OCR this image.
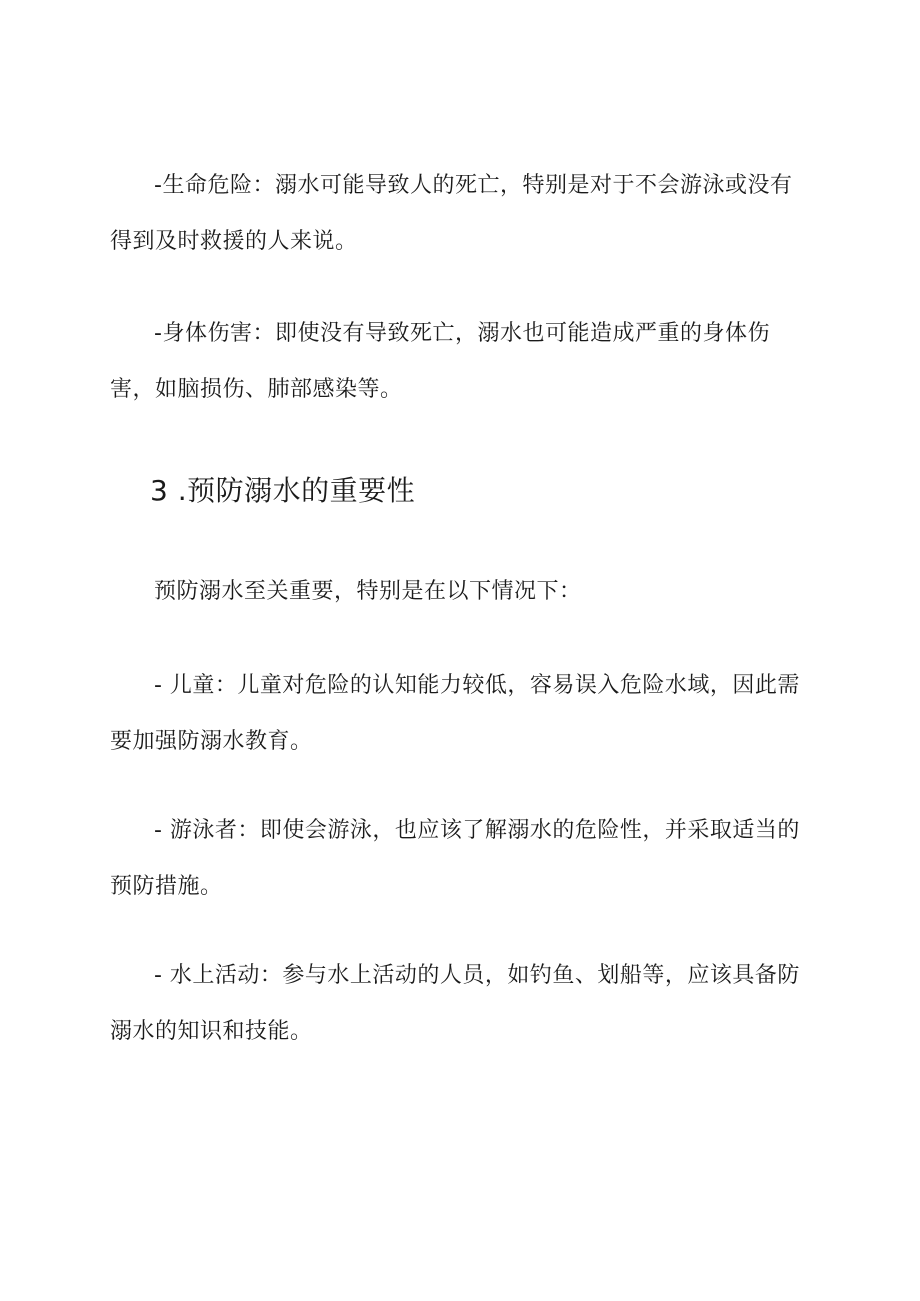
-生命危险：溺水可能导致人的死亡，特别是对于不会游泳或没有得到及时救援的人来说。

-身体伤害：即使没有导致死亡，溺水也可能造成严重的身体伤害，如脑损伤、肺部感染等。

3 .预防溺水的重要性

预防溺水至关重要，特别是在以下情况下：

- 儿童：儿童对危险的认知能力较低，容易误入危险水域，因此需要加强防溺水教育。

- 游泳者：即使会游泳，也应该了解溺水的危险性，并采取适当的预防措施。

- 水上活动：参与水上活动的人员，如钓鱼、划船等，应该具备防溺水的知识和技能。
